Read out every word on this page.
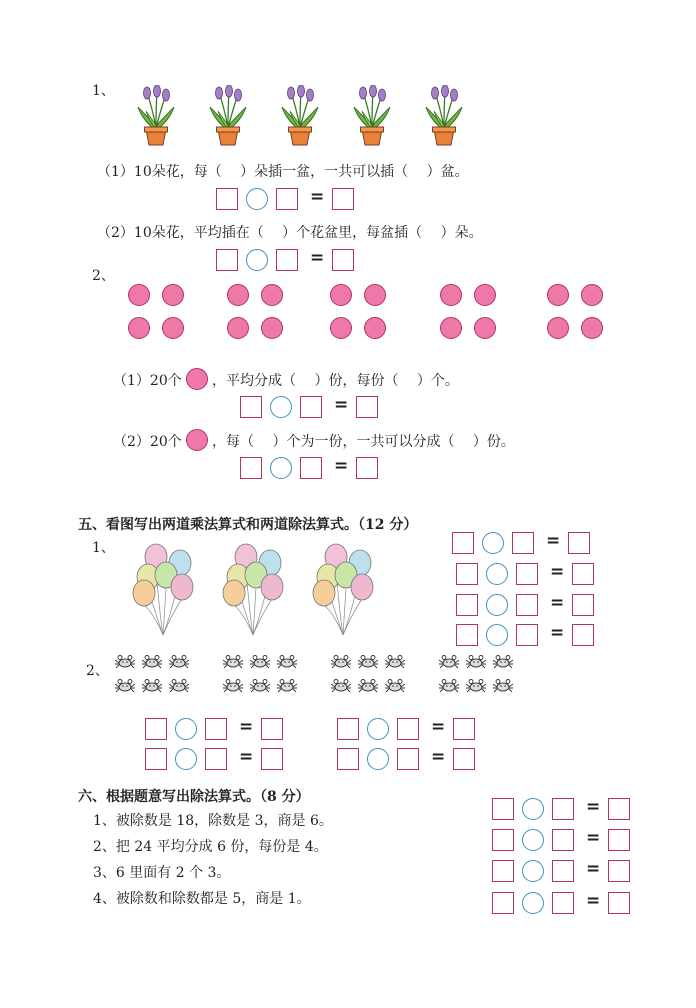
1、
（1）10朵花，每（　 ）朵插一盆，一共可以插（　 ）盆。
=
（2）10朵花，平均插在（　 ）个花盆里，每盆插（　 ）朵。
=
2、
（1）20个 ，平均分成（　 ）份，每份（　 ）个。
=
（2）20个 ，每（　 ）个为一份，一共可以分成（　 ）份。
=
五、看图写出两道乘法算式和两道除法算式。（12 分）
1、	=
=
=
=
2、
=
=
=
=
六、根据题意写出除法算式。（8 分）
1、被除数是 18，除数是 3，商是 6。
2、把 24 平均分成 6 份，每份是 4。
3、6 里面有 2 个 3。
4、被除数和除数都是 5，商是 1。
=
=
=
=
